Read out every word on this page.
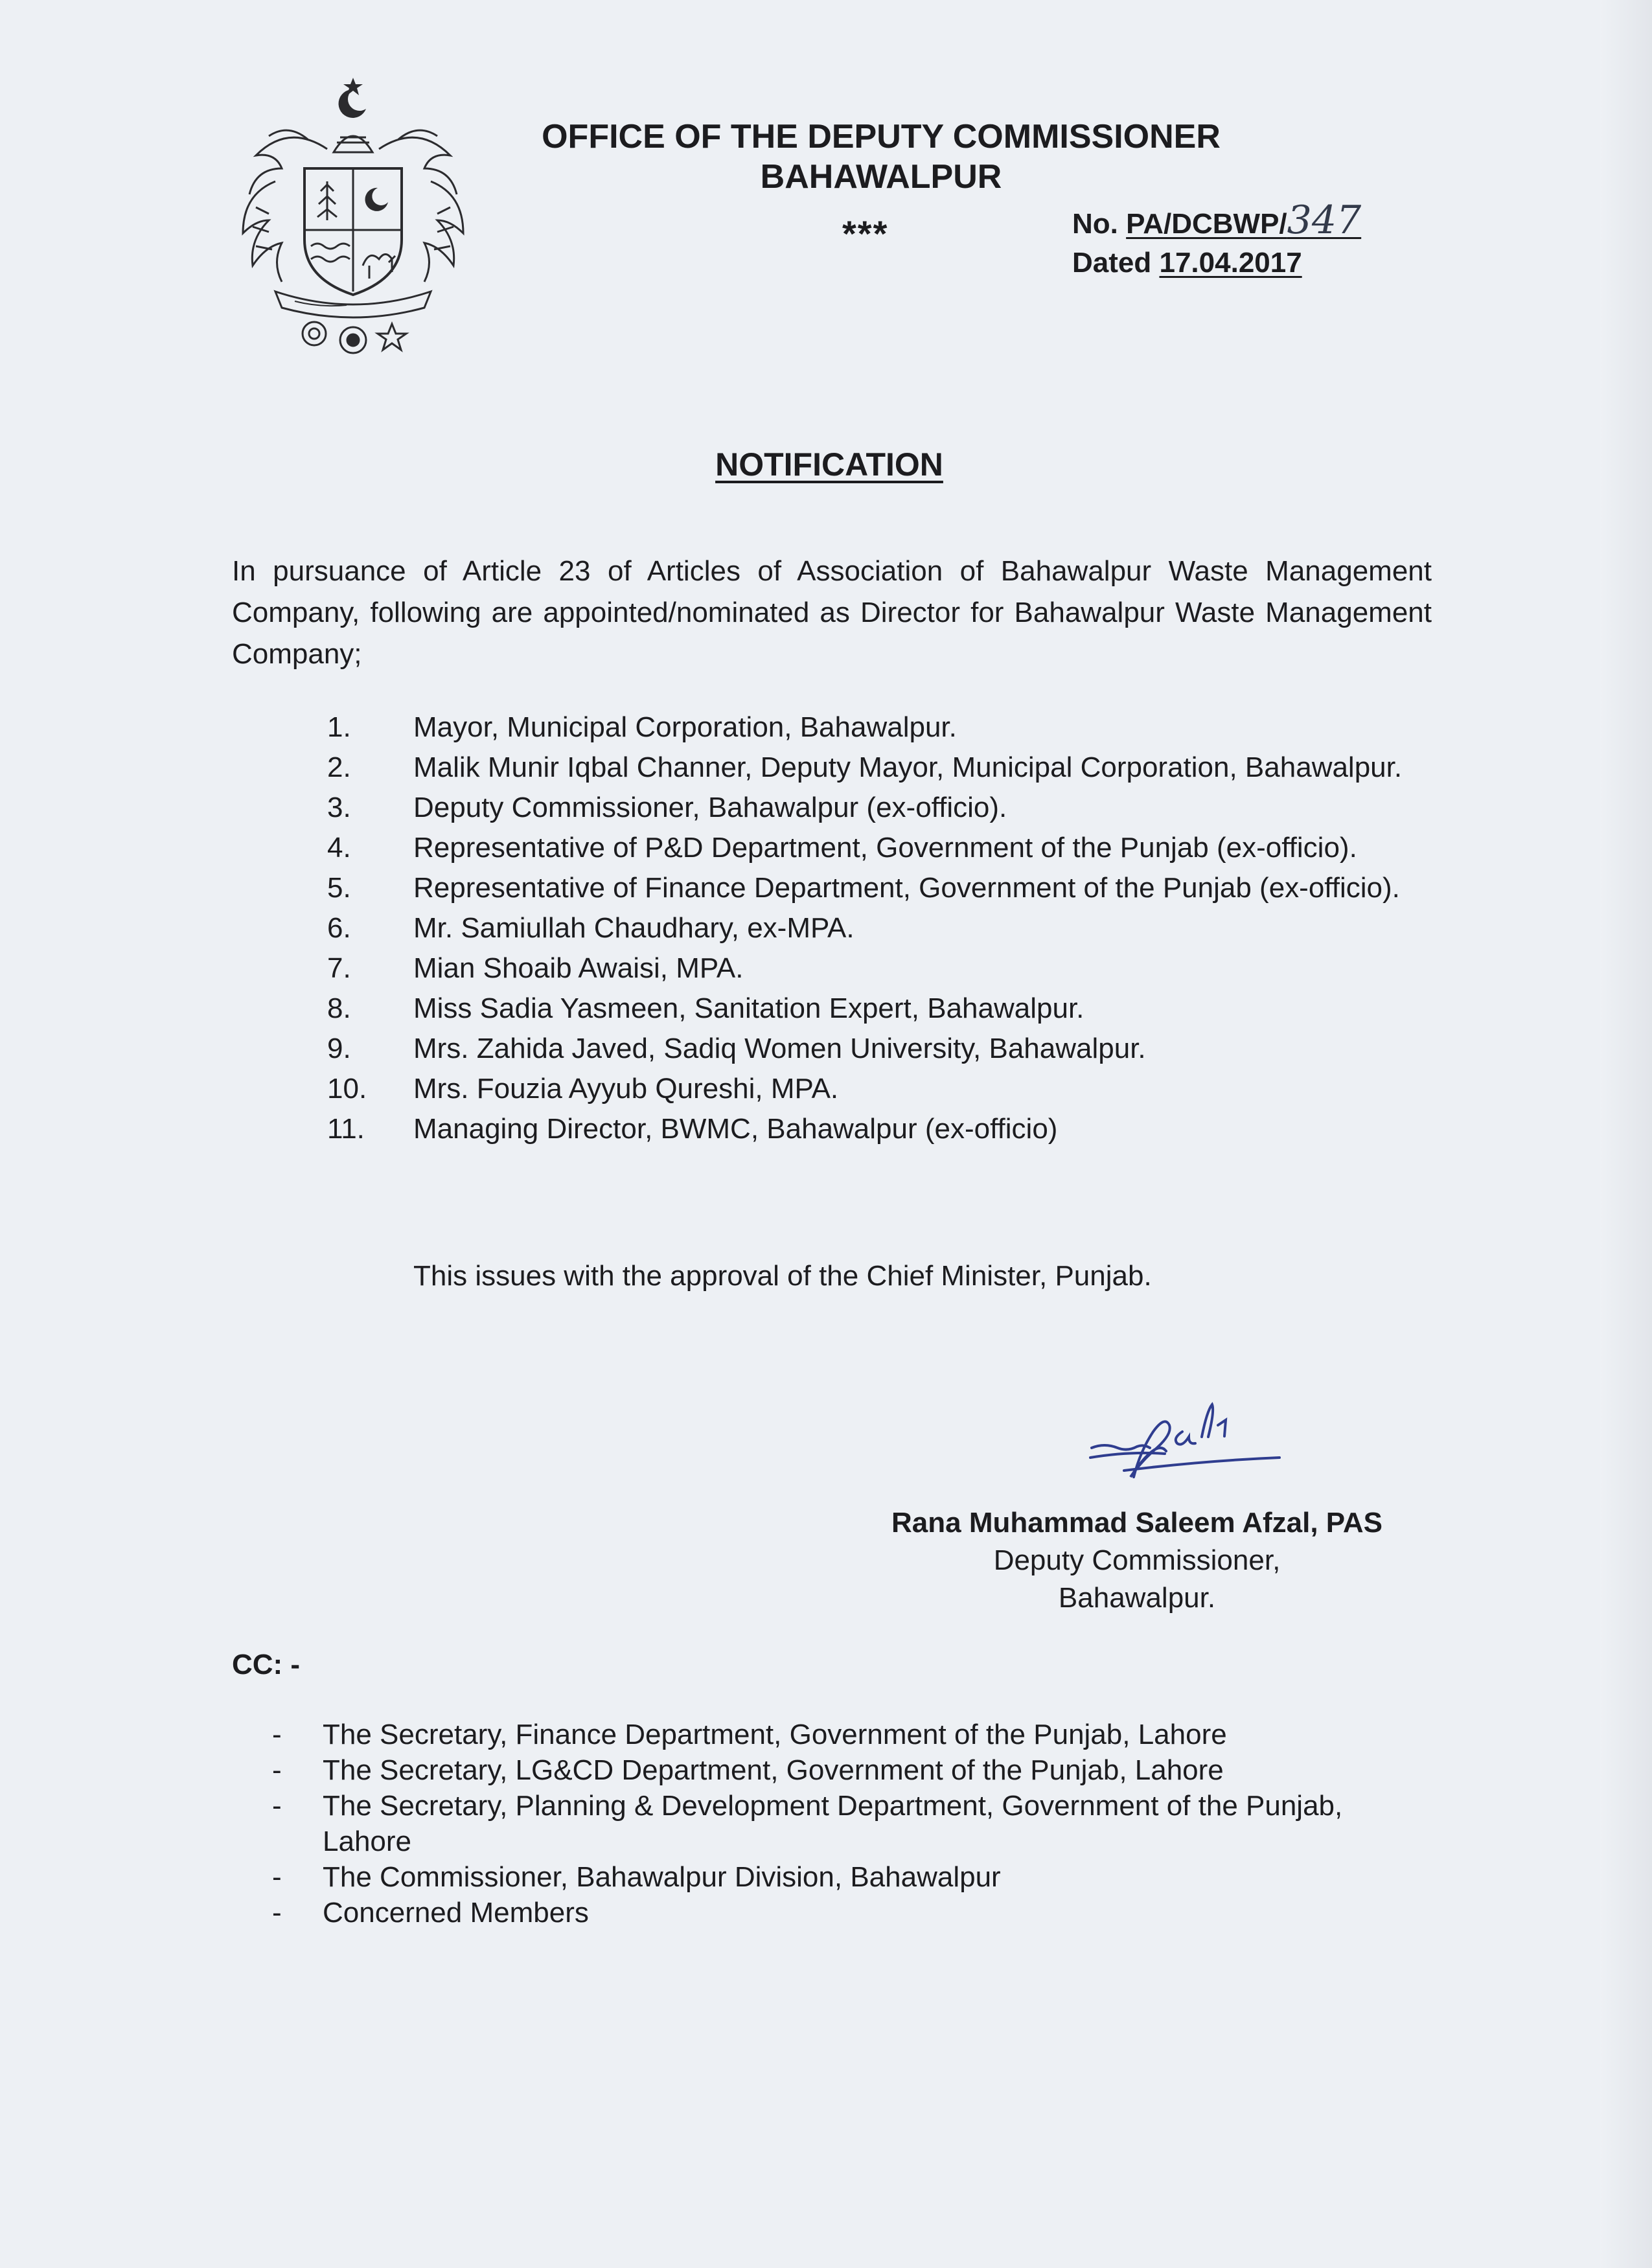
OFFICE OF THE DEPUTY COMMISSIONER
BAHAWALPUR
***	No. PA/DCBWP/347
Dated 17.04.2017
NOTIFICATION

In pursuance of Article 23 of Articles of Association of Bahawalpur Waste Management Company, following are appointed/nominated as Director for Bahawalpur Waste Management Company;

1.	Mayor, Municipal Corporation, Bahawalpur.
2.	Malik Munir Iqbal Channer, Deputy Mayor, Municipal Corporation, Bahawalpur.
3.	Deputy Commissioner, Bahawalpur (ex-officio).
4.	Representative of P&D Department, Government of the Punjab (ex-officio).
5.	Representative of Finance Department, Government of the Punjab (ex-officio).
6.	Mr. Samiullah Chaudhary, ex-MPA.
7.	Mian Shoaib Awaisi, MPA.
8.	Miss Sadia Yasmeen, Sanitation Expert, Bahawalpur.
9.	Mrs. Zahida Javed, Sadiq Women University, Bahawalpur.
10.	Mrs. Fouzia Ayyub Qureshi, MPA.
11.	Managing Director, BWMC, Bahawalpur (ex-officio)

This issues with the approval of the Chief Minister, Punjab.

Rana Muhammad Saleem Afzal, PAS
Deputy Commissioner,
Bahawalpur.
CC: -
-	The Secretary, Finance Department, Government of the Punjab, Lahore
-	The Secretary, LG&CD Department, Government of the Punjab, Lahore
-	The Secretary, Planning & Development Department, Government of the Punjab, Lahore
-	The Commissioner, Bahawalpur Division, Bahawalpur
-	Concerned Members
